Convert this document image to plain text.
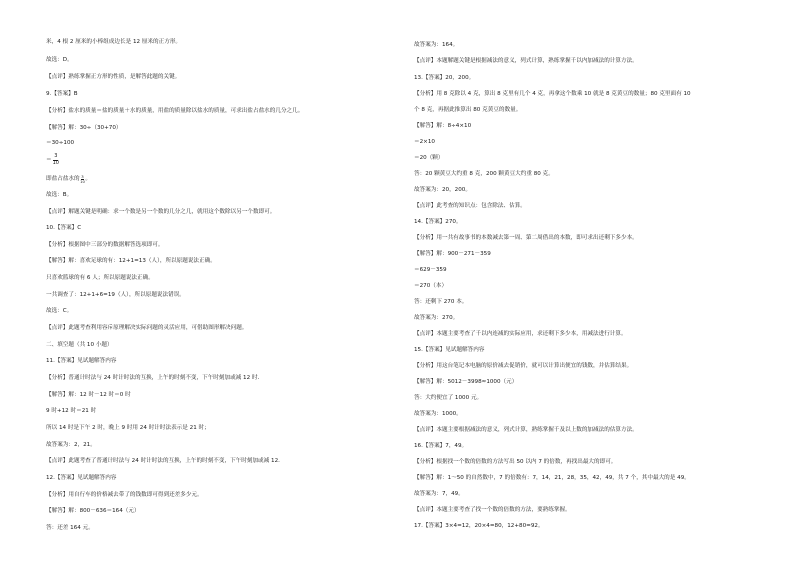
米，4 根 2 厘米的小棒组成边长是 12 厘米的正方形。
故选：D。
【点评】熟练掌握正方形的性质，是解答此题的关键。
9.【答案】B
【分析】盐水的质量＝盐的质量＋水的质量，用盐的质量除以盐水的质量，可求出盐占盐水的几分之几。
【解答】解：30÷（30+70）
＝30÷100
＝ $\frac{3}{10}$
即盐占盐水的 $\frac{3}{10}$ 。
故选：B。
【点评】解题关键是明确：求一个数是另一个数的几分之几，就用这个数除以另一个数即可。
10.【答案】C
【分析】根据图中三部分的数据解答选项即可。
【解答】解：喜欢足球的有：12+1=13（人），所以原题说法正确。
只喜欢篮球的有 6 人；所以原题说法正确。
一共调查了：12+1+6=19（人），所以原题说法错误。
故选：C。
【点评】此题考查利用容斥原理解决实际问题的灵活应用，可借助图形解决问题。
二、填空题（共 10 小题）
11.【答案】见试题解答内容
【分析】普通计时法与 24 时计时法的互换，上午的时刻不变，下午时刻加或减 12 时．
【解答】解：12 时－12 时＝0 时
9 时+12 时＝21 时
所以 14 时是下午 2 时，晚上 9 时用 24 时计时法表示是 21 时；
故答案为：2，21。
【点评】此题考查了普通计时法与 24 时计时法的互换，上午的时刻不变，下午时刻加或减 12．
12.【答案】见试题解答内容
【分析】用自行车的价格减去带了的钱数即可得到还差多少元。
【解答】解：800－636＝164（元）
答：还差 164 元。
故答案为：164。
【点评】本题解题关键是根据减法的意义，列式计算，熟练掌握千以内加减法的计算方法。
13.【答案】20，200。
【分析】用 8 克除以 4 克，算出 8 克里有几个 4 克，再拿这个数乘 10 就是 8 克黄豆的数量；80 克里面有 10
个 8 克，再据此推算出 80 克黄豆的数量。
【解答】解：8÷4×10
＝2×10
＝20（颗）
答：20 颗黄豆大约重 8 克，200 颗黄豆大约重 80 克。
故答案为：20，200。
【点评】此考查的知识点：包含除法、估算。
14.【答案】270。
【分析】用一共有故事书的本数减去第一周、第二周借出的本数，即可求出还剩下多少本。
【解答】解：900－271－359
＝629－359
＝270（本）
答：还剩下 270 本。
故答案为：270。
【点评】本题主要考查了千以内连减的实际应用，求还剩下多少本，用减法进行计算。
15.【答案】见试题解答内容
【分析】用这台笔记本电脑的原价减去促销价，就可以计算出便宜的钱数，并估算结果。
【解答】解：5012－3998≈1000（元）
答：大约便宜了 1000 元。
故答案为：1000。
【点评】本题主要根据减法的意义，列式计算，熟练掌握千及以上数的加减法的估算方法。
16.【答案】7，49。
【分析】根据找一个数的倍数的方法写出 50 以内 7 的倍数，再找出最大的即可。
【解答】解：1～50 的自然数中，7 的倍数有：7，14，21，28，35，42，49，共 7 个，其中最大的是 49。
故答案为：7，49。
【点评】本题主要考查了找一个数的倍数的方法，要熟练掌握。
17.【答案】3×4=12，20×4=80，12+80=92。
